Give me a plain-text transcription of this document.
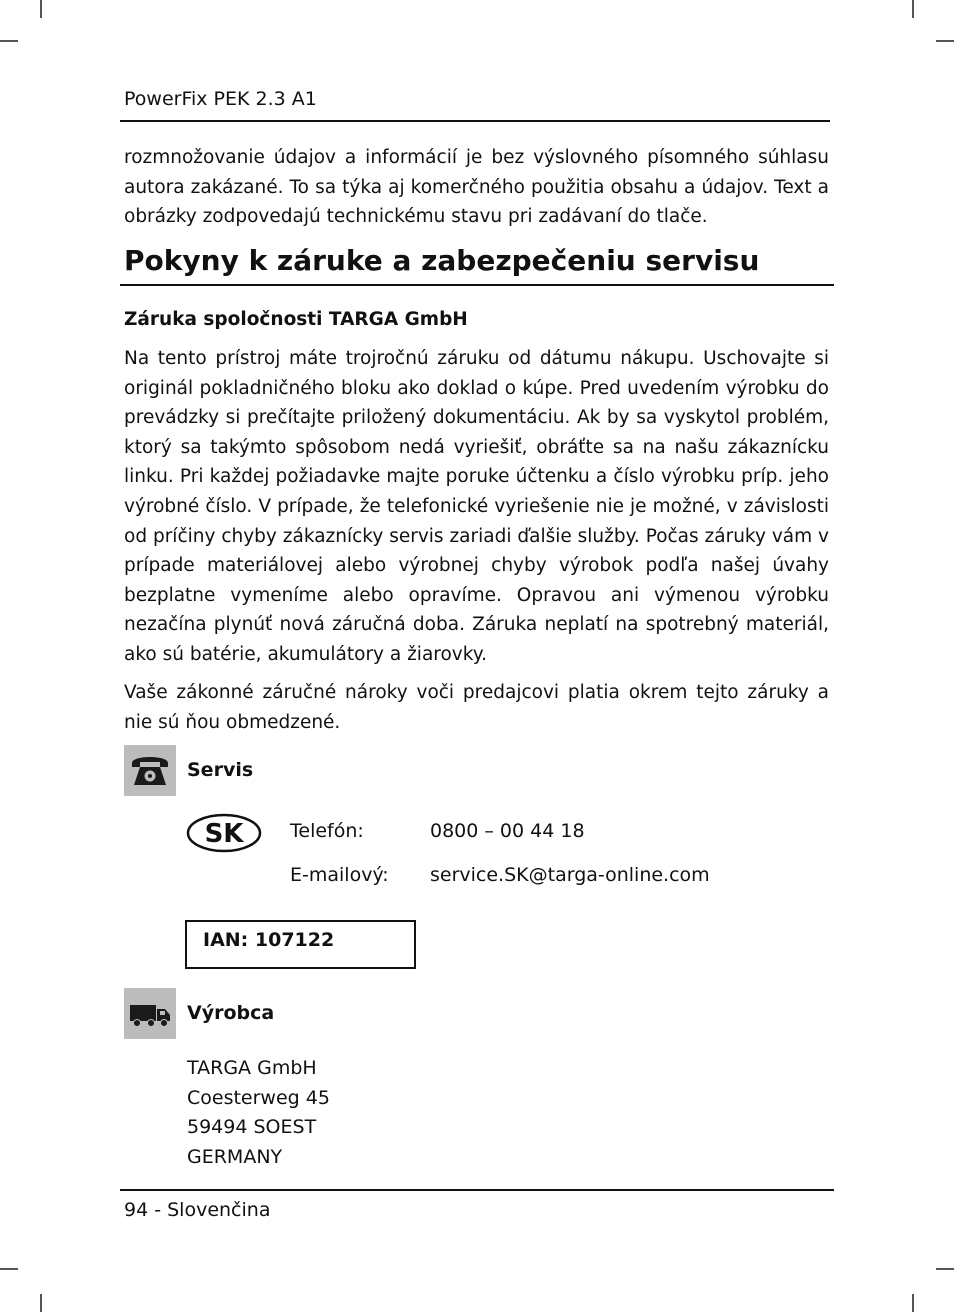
PowerFix PEK 2.3 A1
rozmnožovanie údajov a informácií je bez výslovného písomného súhlasu autora zakázané. To sa týka aj komerčného použitia obsahu a údajov. Text a obrázky zodpovedajú technickému stavu pri zadávaní do tlače.
Pokyny k záruke a zabezpečeniu servisu
Záruka spoločnosti TARGA GmbH
Na tento prístroj máte trojročnú záruku od dátumu nákupu. Uschovajte si originál pokladničného bloku ako doklad o kúpe. Pred uvedením výrobku do prevádzky si prečítajte priložený dokumentáciu. Ak by sa vyskytol problém, ktorý sa takýmto spôsobom nedá vyriešiť, obráťte sa na našu zákaznícku linku. Pri každej požiadavke majte poruke účtenku a číslo výrobku príp. jeho výrobné číslo. V prípade, že telefonické vyriešenie nie je možné, v závislosti od príčiny chyby zákaznícky servis zariadi ďalšie služby. Počas záruky vám v prípade materiálovej alebo výrobnej chyby výrobok podľa našej úvahy bezplatne vymeníme alebo opravíme. Opravou ani výmenou výrobku nezačína plynúť nová záručná doba. Záruka neplatí na spotrebný materiál, ako sú batérie, akumulátory a žiarovky.
Vaše zákonné záručné nároky voči predajcovi platia okrem tejto záruky a nie sú ňou obmedzené.
Servis
SK Telefón:	0800 – 00 44 18
E-mailový: service.SK@targa-online.com
IAN: 107122
Výrobca
TARGA GmbH
Coesterweg 45
59494 SOEST
GERMANY
94 - Slovenčina
